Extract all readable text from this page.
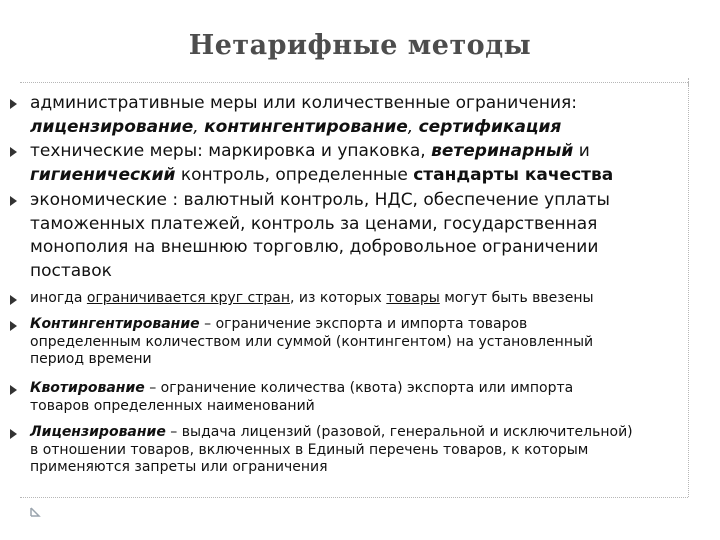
Нетарифные методы
административные меры или количественные ограничения:
лицензирование, контингентирование, сертификация
технические меры: маркировка и упаковка, ветеринарный и
гигиенический контроль, определенные стандарты качества
экономические : валютный контроль, НДС, обеспечение уплаты
таможенных платежей, контроль за ценами, государственная
монополия на внешнюю торговлю, добровольное ограничении
поставок
иногда ограничивается круг стран, из которых товары могут быть ввезены
Контингентирование – ограничение экспорта и импорта товаров
определенным количеством или суммой (контингентом) на установленный
период времени
Квотирование – ограничение количества (квота) экспорта или импорта
товаров определенных наименований
Лицензирование – выдача лицензий (разовой, генеральной и исключительной)
в отношении товаров, включенных в Единый перечень товаров, к которым
применяются запреты или ограничения
